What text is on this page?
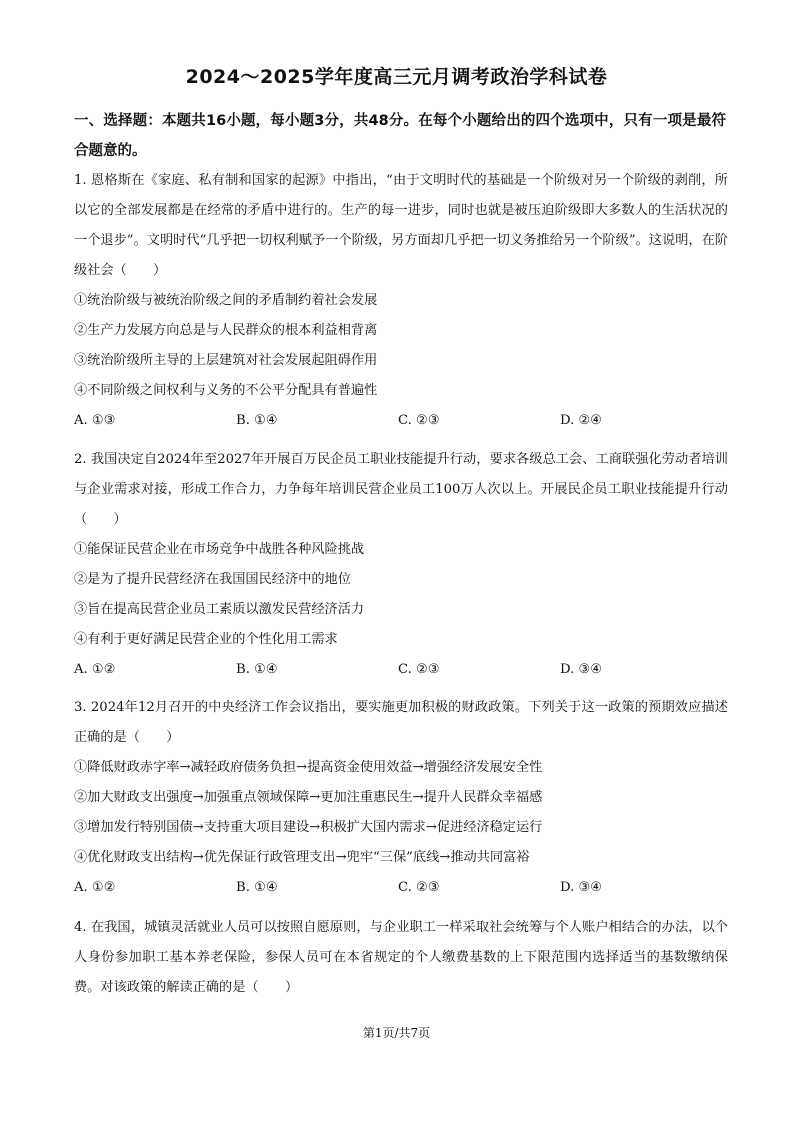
2024～2025学年度高三元月调考政治学科试卷
一、选择题：本题共16小题，每小题3分，共48分。在每个小题给出的四个选项中，只有一项是最符合题意的。

1. 恩格斯在《家庭、私有制和国家的起源》中指出，“由于文明时代的基础是一个阶级对另一个阶级的剥削，所以它的全部发展都是在经常的矛盾中进行的。生产的每一进步，同时也就是被压迫阶级即大多数人的生活状况的一个退步”。文明时代“几乎把一切权利赋予一个阶级，另方面却几乎把一切义务推给另一个阶级”。这说明，在阶级社会（　　）

①统治阶级与被统治阶级之间的矛盾制约着社会发展

②生产力发展方向总是与人民群众的根本利益相背离

③统治阶级所主导的上层建筑对社会发展起阻碍作用

④不同阶级之间权利与义务的不公平分配具有普遍性

A. ①③	B. ①④	C. ②③	D. ②④

2. 我国决定自2024年至2027年开展百万民企员工职业技能提升行动，要求各级总工会、工商联强化劳动者培训与企业需求对接，形成工作合力，力争每年培训民营企业员工100万人次以上。开展民企员工职业技能提升行动（　　）

①能保证民营企业在市场竞争中战胜各种风险挑战

②是为了提升民营经济在我国国民经济中的地位

③旨在提高民营企业员工素质以激发民营经济活力

④有利于更好满足民营企业的个性化用工需求

A. ①②	B. ①④	C. ②③	D. ③④

3. 2024年12月召开的中央经济工作会议指出，要实施更加积极的财政政策。下列关于这一政策的预期效应描述正确的是（　　）

①降低财政赤字率→减轻政府债务负担→提高资金使用效益→增强经济发展安全性

②加大财政支出强度→加强重点领域保障→更加注重惠民生→提升人民群众幸福感

③增加发行特别国债→支持重大项目建设→积极扩大国内需求→促进经济稳定运行

④优化财政支出结构→优先保证行政管理支出→兜牢“三保”底线→推动共同富裕

A. ①②	B. ①④	C. ②③	D. ③④

4. 在我国，城镇灵活就业人员可以按照自愿原则，与企业职工一样采取社会统筹与个人账户相结合的办法，以个人身份参加职工基本养老保险，参保人员可在本省规定的个人缴费基数的上下限范围内选择适当的基数缴纳保费。对该政策的解读正确的是（　　）

第1页/共7页
